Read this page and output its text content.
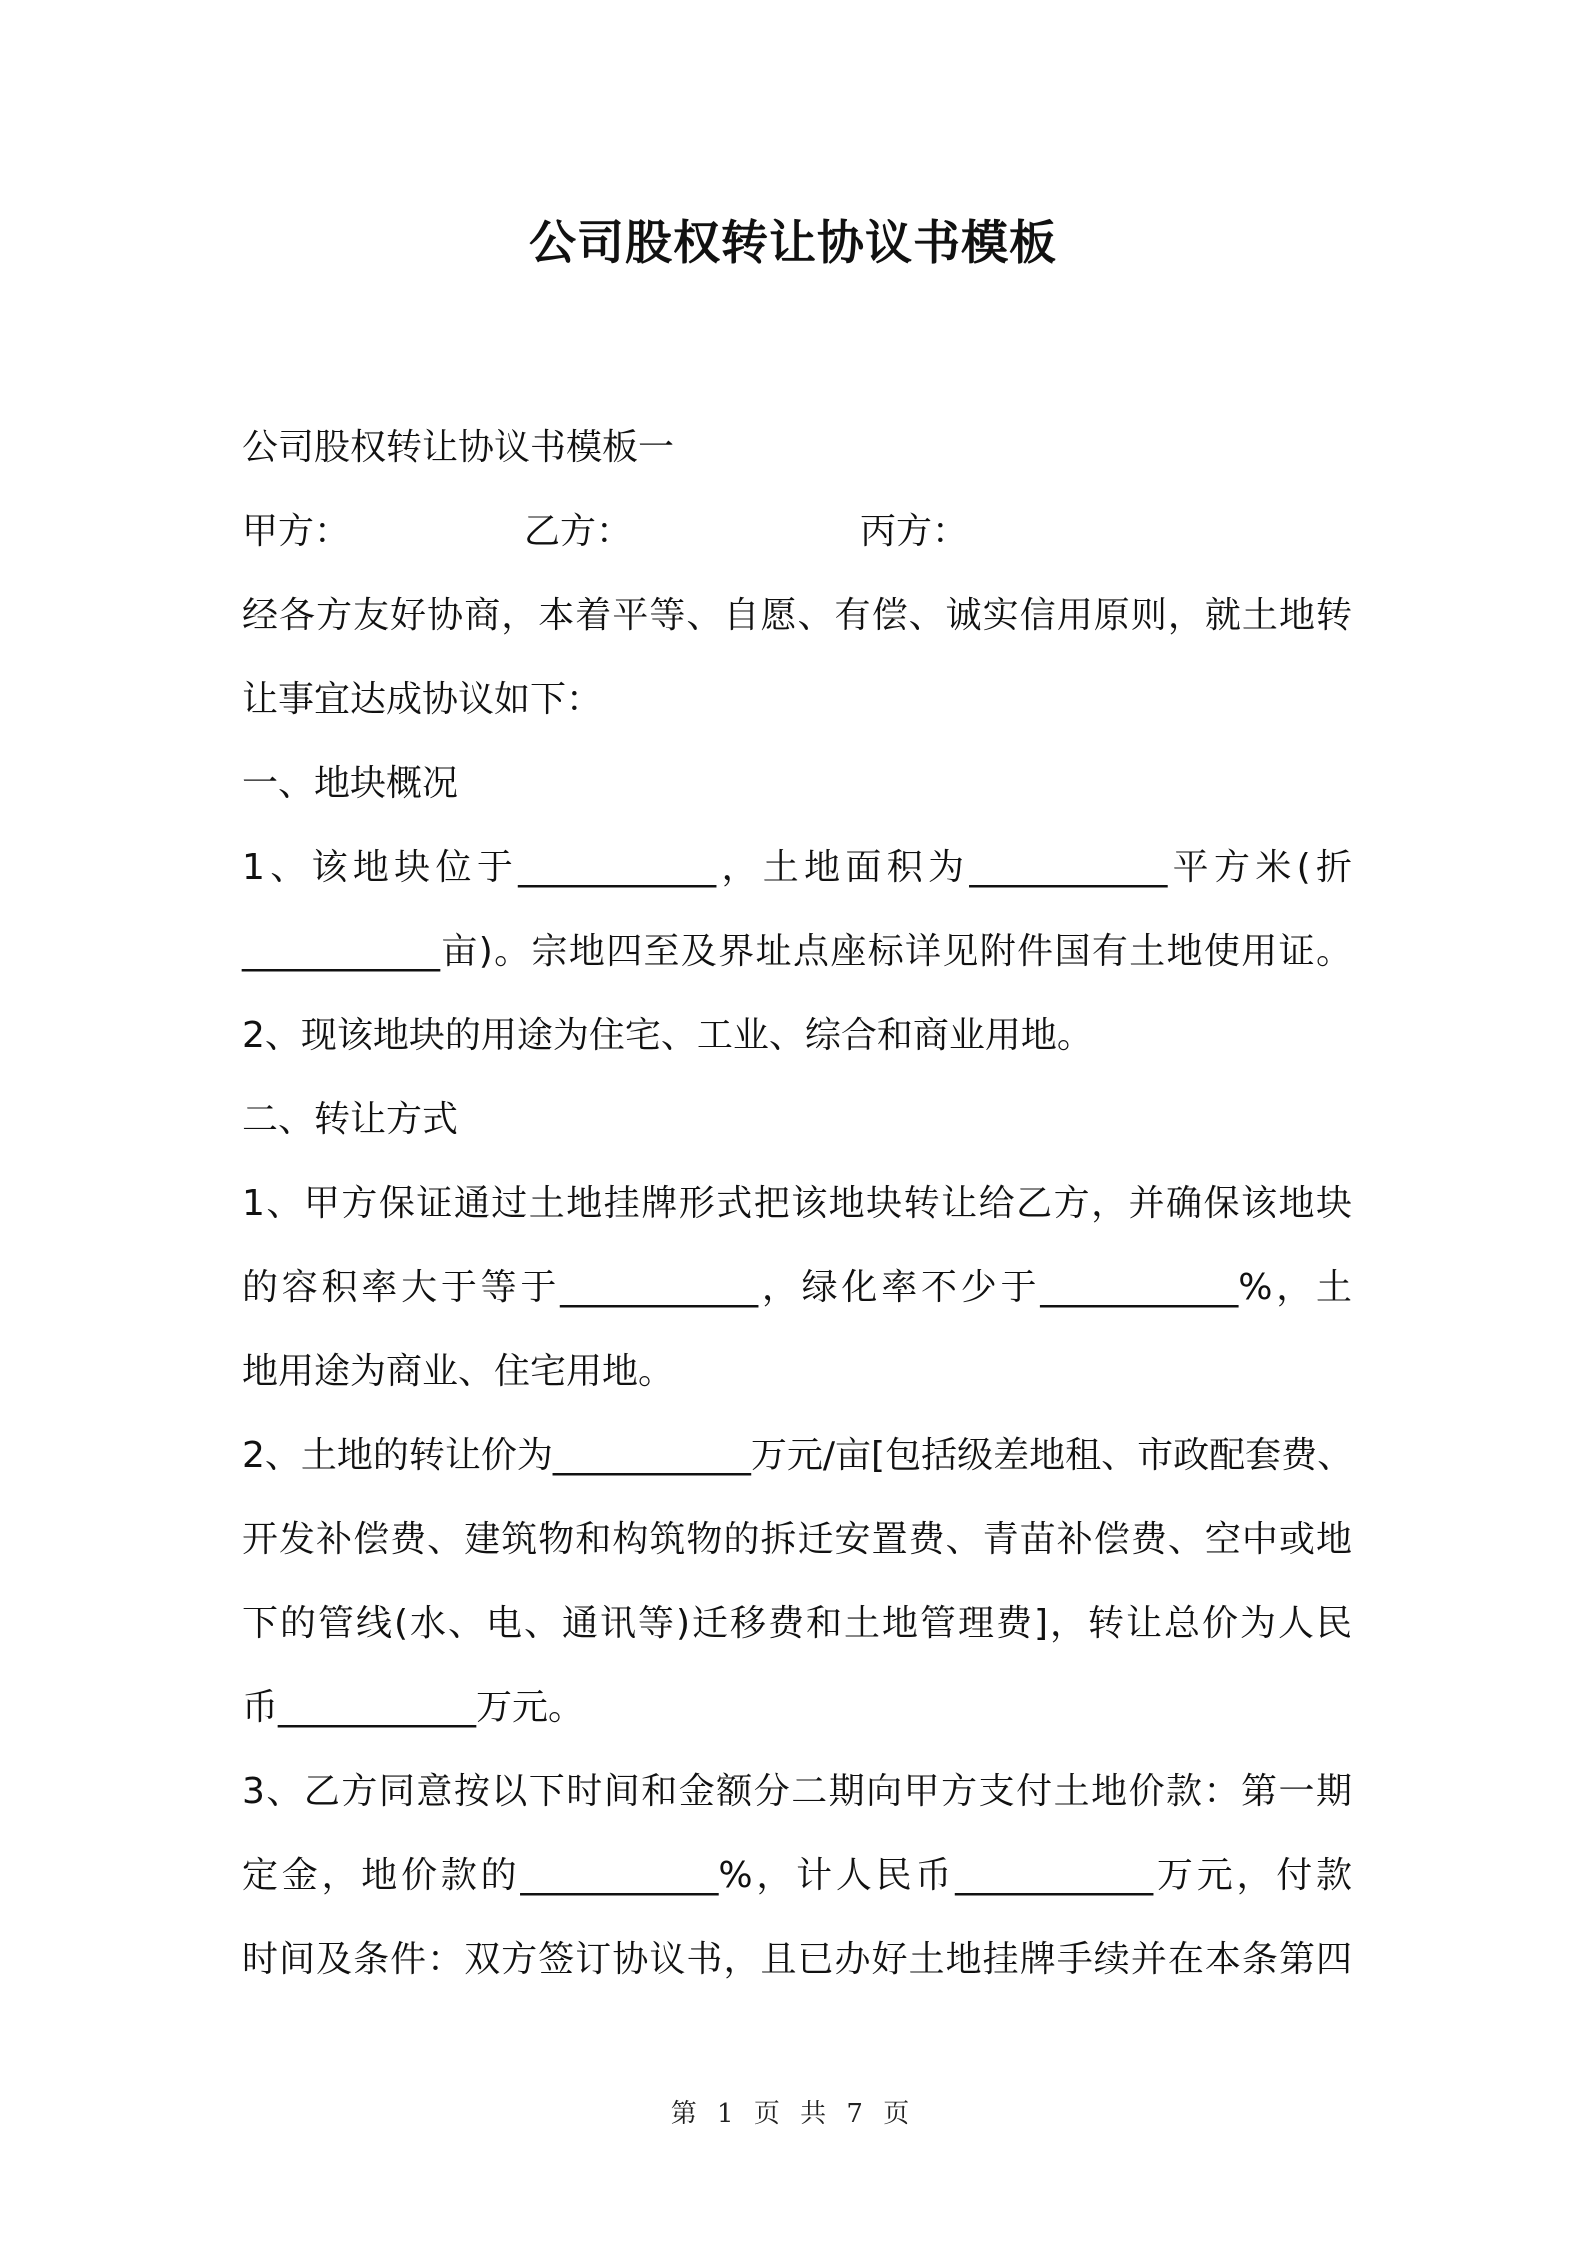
公司股权转让协议书模板
公司股权转让协议书模板一
甲方：	乙方：	丙方：
经各方友好协商，本着平等、自愿、有偿、诚实信用原则，就土地转
让事宜达成协议如下：
一、地块概况
1、该地块位于___________，土地面积为___________平方米(折
___________亩)。宗地四至及界址点座标详见附件国有土地使用证。
2、现该地块的用途为住宅、工业、综合和商业用地。
二、转让方式
1、甲方保证通过土地挂牌形式把该地块转让给乙方，并确保该地块
的容积率大于等于___________，绿化率不少于___________%，土
地用途为商业、住宅用地。
2、土地的转让价为___________万元/亩[包括级差地租、市政配套费、
开发补偿费、建筑物和构筑物的拆迁安置费、青苗补偿费、空中或地
下的管线(水、电、通讯等)迁移费和土地管理费]，转让总价为人民
币___________万元。
3、乙方同意按以下时间和金额分二期向甲方支付土地价款：第一期
定金，地价款的___________%，计人民币___________万元，付款
时间及条件：双方签订协议书，且已办好土地挂牌手续并在本条第四
第 1 页 共 7 页
